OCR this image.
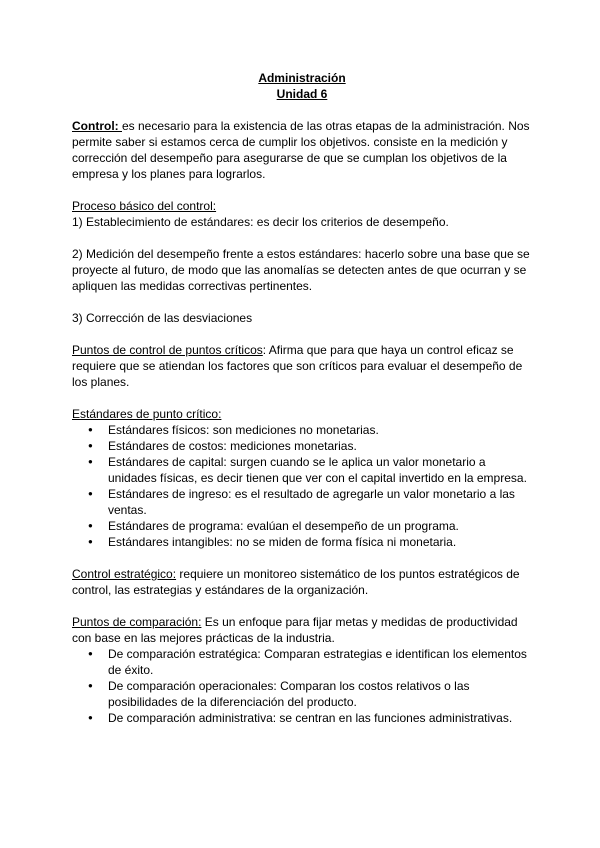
Administración
Unidad 6

Control: es necesario para la existencia de las otras etapas de la administración. Nos permite saber si estamos cerca de cumplir los objetivos. consiste en la medición y corrección del desempeño para asegurarse de que se cumplan los objetivos de la empresa y los planes para lograrlos.

Proceso básico del control:
1) Establecimiento de estándares: es decir los criterios de desempeño.

2) Medición del desempeño frente a estos estándares: hacerlo sobre una base que se proyecte al futuro, de modo que las anomalías se detecten antes de que ocurran y se apliquen las medidas correctivas pertinentes.

3) Corrección de las desviaciones

Puntos de control de puntos críticos: Afirma que para que haya un control eficaz se requiere que se atiendan los factores que son críticos para evaluar el desempeño de los planes.

Estándares de punto crítico:
● Estándares físicos: son mediciones no monetarias.
● Estándares de costos: mediciones monetarias.
● Estándares de capital: surgen cuando se le aplica un valor monetario a unidades físicas, es decir tienen que ver con el capital invertido en la empresa.
● Estándares de ingreso: es el resultado de agregarle un valor monetario a las ventas.
● Estándares de programa: evalúan el desempeño de un programa.
● Estándares intangibles: no se miden de forma física ni monetaria.

Control estratégico: requiere un monitoreo sistemático de los puntos estratégicos de control, las estrategias y estándares de la organización.

Puntos de comparación: Es un enfoque para fijar metas y medidas de productividad con base en las mejores prácticas de la industria.
● De comparación estratégica: Comparan estrategias e identifican los elementos de éxito.
● De comparación operacionales: Comparan los costos relativos o las posibilidades de la diferenciación del producto.
● De comparación administrativa: se centran en las funciones administrativas.
